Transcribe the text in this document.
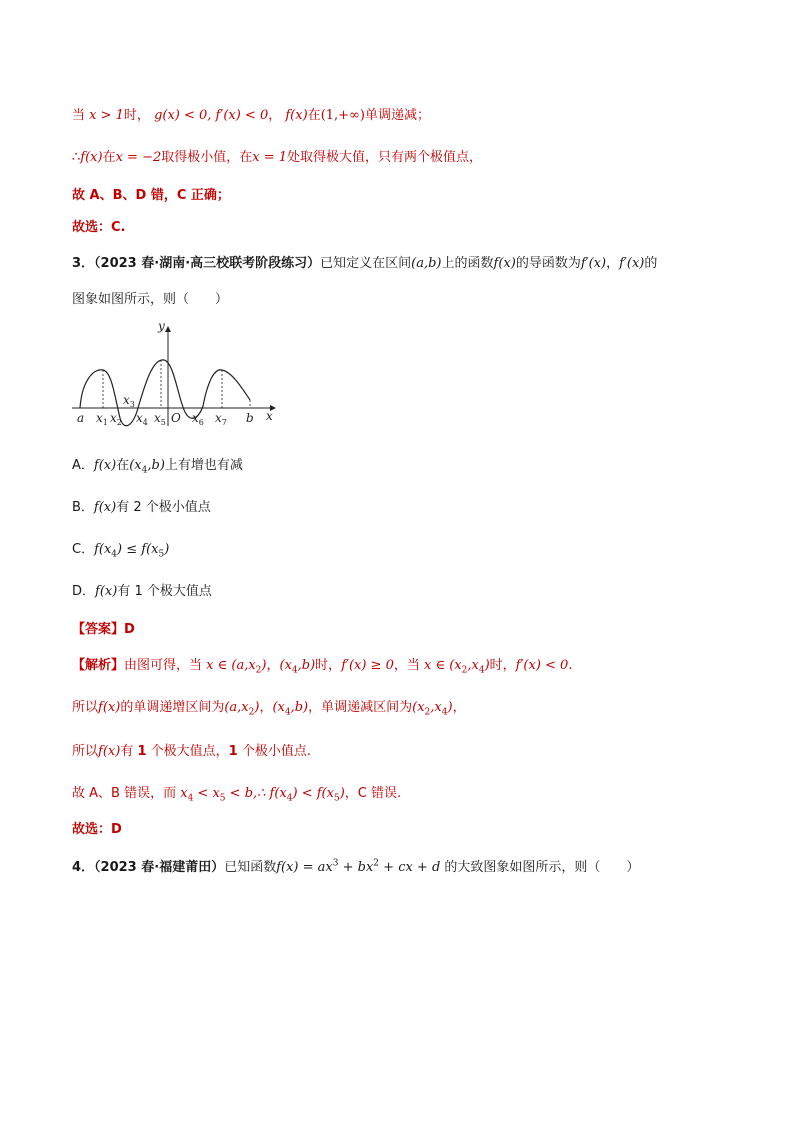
当 x > 1时， g(x) < 0, f′(x) < 0， f(x)在(1,+∞)单调递减；
∴f(x)在x = −2取得极小值，在x = 1处取得极大值，只有两个极值点，
故 A、B、D 错，C 正确；
故选：C.
3．（2023 春·湖南·高三校联考阶段练习）已知定义在区间(a,b)上的函数f(x)的导函数为f′(x)，f′(x)的
图象如图所示，则（　　）
y
x
O
a $x_1$ $x_2$
$x_3$
$x_4$ $x_5$ $x_6$ $x_7$ b
A．f(x)在$(x_4,b)$上有增也有减
B．f(x)有 2 个极小值点
C．$f(x_4) \le f(x_5)$
D．f(x)有 1 个极大值点
【答案】D
【解析】由图可得，当 x ∈ $(a,x_2)$，$(x_4,b)$时，f′(x) ≥ 0，当 x ∈ $(x_2,x_4)$时，f′(x) < 0.
所以f(x)的单调递增区间为$(a,x_2)$，$(x_4,b)$，单调递减区间为$(x_2,x_4)$，
所以f(x)有 1 个极大值点，1 个极小值点.
故 A、B 错误，而 $x_4 < x_5$ < b,∴ $f(x_4) < f(x_5)$，C 错误.
故选：D
4．（2023 春·福建莆田）已知函数$f(x) = ax^3 + bx^2$ + cx + d 的大致图象如图所示，则（　　）
